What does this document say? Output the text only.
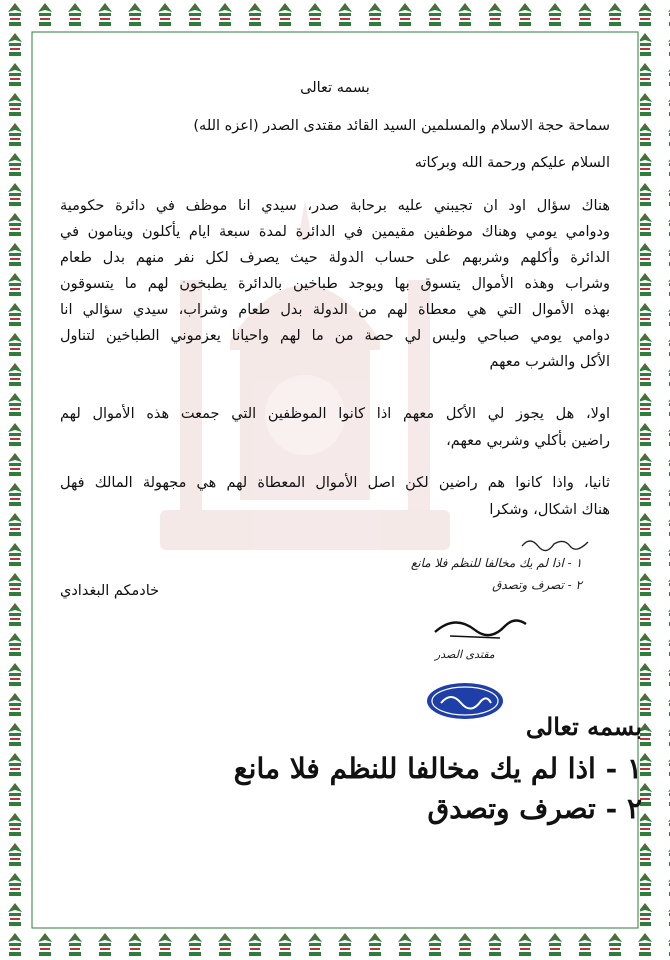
بسمه تعالى
سماحة حجة الاسلام والمسلمين السيد القائد مقتدى الصدر (اعزه الله)
السلام عليكم ورحمة الله وبركاته
هناك سؤال اود ان تجيبني عليه برحابة صدر، سيدي انا موظف في دائرة حكومية
ودوامي يومي وهناك موظفين مقيمين في الدائرة لمدة سبعة ايام يأكلون وينامون في
الدائرة وأكلهم وشربهم على حساب الدولة حيث يصرف لكل نفر منهم بدل طعام
وشراب وهذه الأموال يتسوق بها ويوجد طباخين بالدائرة يطبخون لهم ما يتسوقون
بهذه الأموال التي هي معطاة لهم من الدولة بدل طعام وشراب، سيدي سؤالي انا
دوامي يومي صباحي وليس لي حصة من ما لهم واحيانا يعزموني الطباخين لتناول
الأكل والشرب معهم
اولا، هل يجوز لي الأكل معهم اذا كانوا الموظفين التي جمعت هذه الأموال لهم
راضين بأكلي وشربي معهم،
ثانيا، واذا كانوا هم راضين لكن اصل الأموال المعطاة لهم هي مجهولة المالك فهل
هناك اشكال، وشكرا
خادمكم البغدادي
١ - اذا لم يك مخالفا للنظم فلا مانع
٢ - تصرف وتصدق
مقتدى الصدر
بسمه تعالى
١ - اذا لم يك مخالفا للنظم فلا مانع
٢ - تصرف وتصدق
